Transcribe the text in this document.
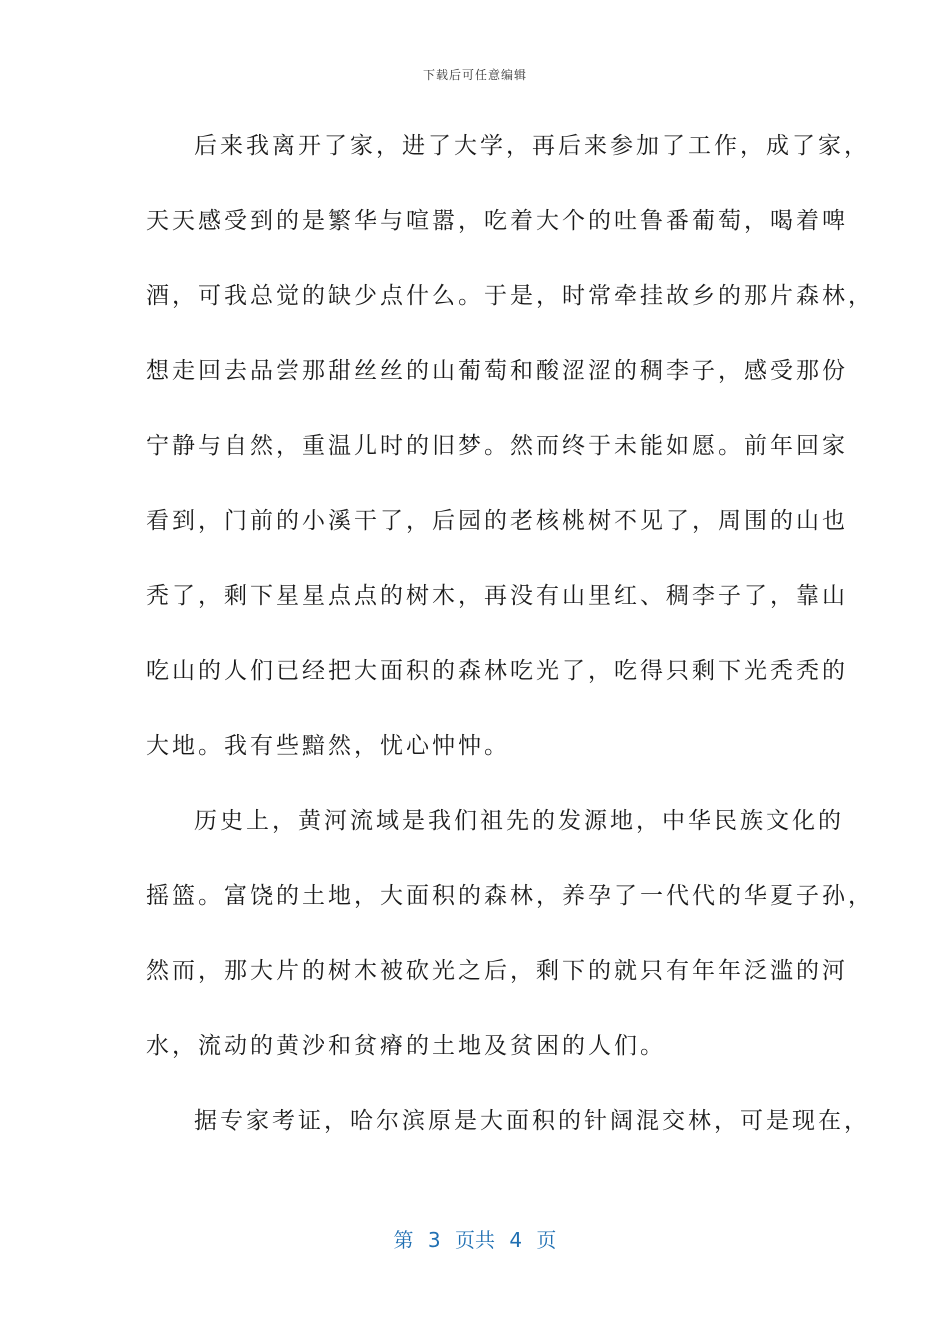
下载后可任意编辑
后来我离开了家，进了大学，再后来参加了工作，成了家，
天天感受到的是繁华与喧嚣，吃着大个的吐鲁番葡萄，喝着啤
酒，可我总觉的缺少点什么。于是，时常牵挂故乡的那片森林，
想走回去品尝那甜丝丝的山葡萄和酸涩涩的稠李子，感受那份
宁静与自然，重温儿时的旧梦。然而终于未能如愿。前年回家
看到，门前的小溪干了，后园的老核桃树不见了，周围的山也
秃了，剩下星星点点的树木，再没有山里红、稠李子了，靠山
吃山的人们已经把大面积的森林吃光了，吃得只剩下光秃秃的
大地。我有些黯然，忧心忡忡。
历史上，黄河流域是我们祖先的发源地，中华民族文化的
摇篮。富饶的土地，大面积的森林，养孕了一代代的华夏子孙，
然而，那大片的树木被砍光之后，剩下的就只有年年泛滥的河
水，流动的黄沙和贫瘠的土地及贫困的人们。
据专家考证，哈尔滨原是大面积的针阔混交林，可是现在，
第 3 页共 4 页
